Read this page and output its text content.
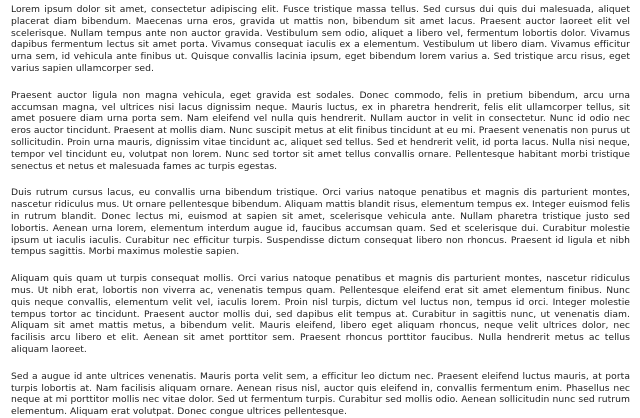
Lorem ipsum dolor sit amet, consectetur adipiscing elit. Fusce tristique massa tellus. Sed cursus dui quis dui malesuada, aliquet placerat diam bibendum. Maecenas urna eros, gravida ut mattis non, bibendum sit amet lacus. Praesent auctor laoreet elit vel scelerisque. Nullam tempus ante non auctor gravida. Vestibulum sem odio, aliquet a libero vel, fermentum lobortis dolor. Vivamus dapibus fermentum lectus sit amet porta. Vivamus consequat iaculis ex a elementum. Vestibulum ut libero diam. Vivamus efficitur urna sem, id vehicula ante finibus ut. Quisque convallis lacinia ipsum, eget bibendum lorem varius a. Sed tristique arcu risus, eget varius sapien ullamcorper sed.

Praesent auctor ligula non magna vehicula, eget gravida est sodales. Donec commodo, felis in pretium bibendum, arcu urna accumsan magna, vel ultrices nisi lacus dignissim neque. Mauris luctus, ex in pharetra hendrerit, felis elit ullamcorper tellus, sit amet posuere diam urna porta sem. Nam eleifend vel nulla quis hendrerit. Nullam auctor in velit in consectetur. Nunc id odio nec eros auctor tincidunt. Praesent at mollis diam. Nunc suscipit metus at elit finibus tincidunt at eu mi. Praesent venenatis non purus ut sollicitudin. Proin urna mauris, dignissim vitae tincidunt ac, aliquet sed tellus. Sed et hendrerit velit, id porta lacus. Nulla nisi neque, tempor vel tincidunt eu, volutpat non lorem. Nunc sed tortor sit amet tellus convallis ornare. Pellentesque habitant morbi tristique senectus et netus et malesuada fames ac turpis egestas.

Duis rutrum cursus lacus, eu convallis urna bibendum tristique. Orci varius natoque penatibus et magnis dis parturient montes, nascetur ridiculus mus. Ut ornare pellentesque bibendum. Aliquam mattis blandit risus, elementum tempus ex. Integer euismod felis in rutrum blandit. Donec lectus mi, euismod at sapien sit amet, scelerisque vehicula ante. Nullam pharetra tristique justo sed lobortis. Aenean urna lorem, elementum interdum augue id, faucibus accumsan quam. Sed et scelerisque dui. Curabitur molestie ipsum ut iaculis iaculis. Curabitur nec efficitur turpis. Suspendisse dictum consequat libero non rhoncus. Praesent id ligula et nibh tempus sagittis. Morbi maximus molestie sapien.

Aliquam quis quam ut turpis consequat mollis. Orci varius natoque penatibus et magnis dis parturient montes, nascetur ridiculus mus. Ut nibh erat, lobortis non viverra ac, venenatis tempus quam. Pellentesque eleifend erat sit amet elementum finibus. Nunc quis neque convallis, elementum velit vel, iaculis lorem. Proin nisl turpis, dictum vel luctus non, tempus id orci. Integer molestie tempus tortor ac tincidunt. Praesent auctor mollis dui, sed dapibus elit tempus at. Curabitur in sagittis nunc, ut venenatis diam. Aliquam sit amet mattis metus, a bibendum velit. Mauris eleifend, libero eget aliquam rhoncus, neque velit ultrices dolor, nec facilisis arcu libero et elit. Aenean sit amet porttitor sem. Praesent rhoncus porttitor faucibus. Nulla hendrerit metus ac tellus aliquam laoreet.

Sed a augue id ante ultrices venenatis. Mauris porta velit sem, a efficitur leo dictum nec. Praesent eleifend luctus mauris, at porta turpis lobortis at. Nam facilisis aliquam ornare. Aenean risus nisl, auctor quis eleifend in, convallis fermentum enim. Phasellus nec neque at mi porttitor mollis nec vitae dolor. Sed ut fermentum turpis. Curabitur sed mollis odio. Aenean sollicitudin nunc sed rutrum elementum. Aliquam erat volutpat. Donec congue ultrices pellentesque.
